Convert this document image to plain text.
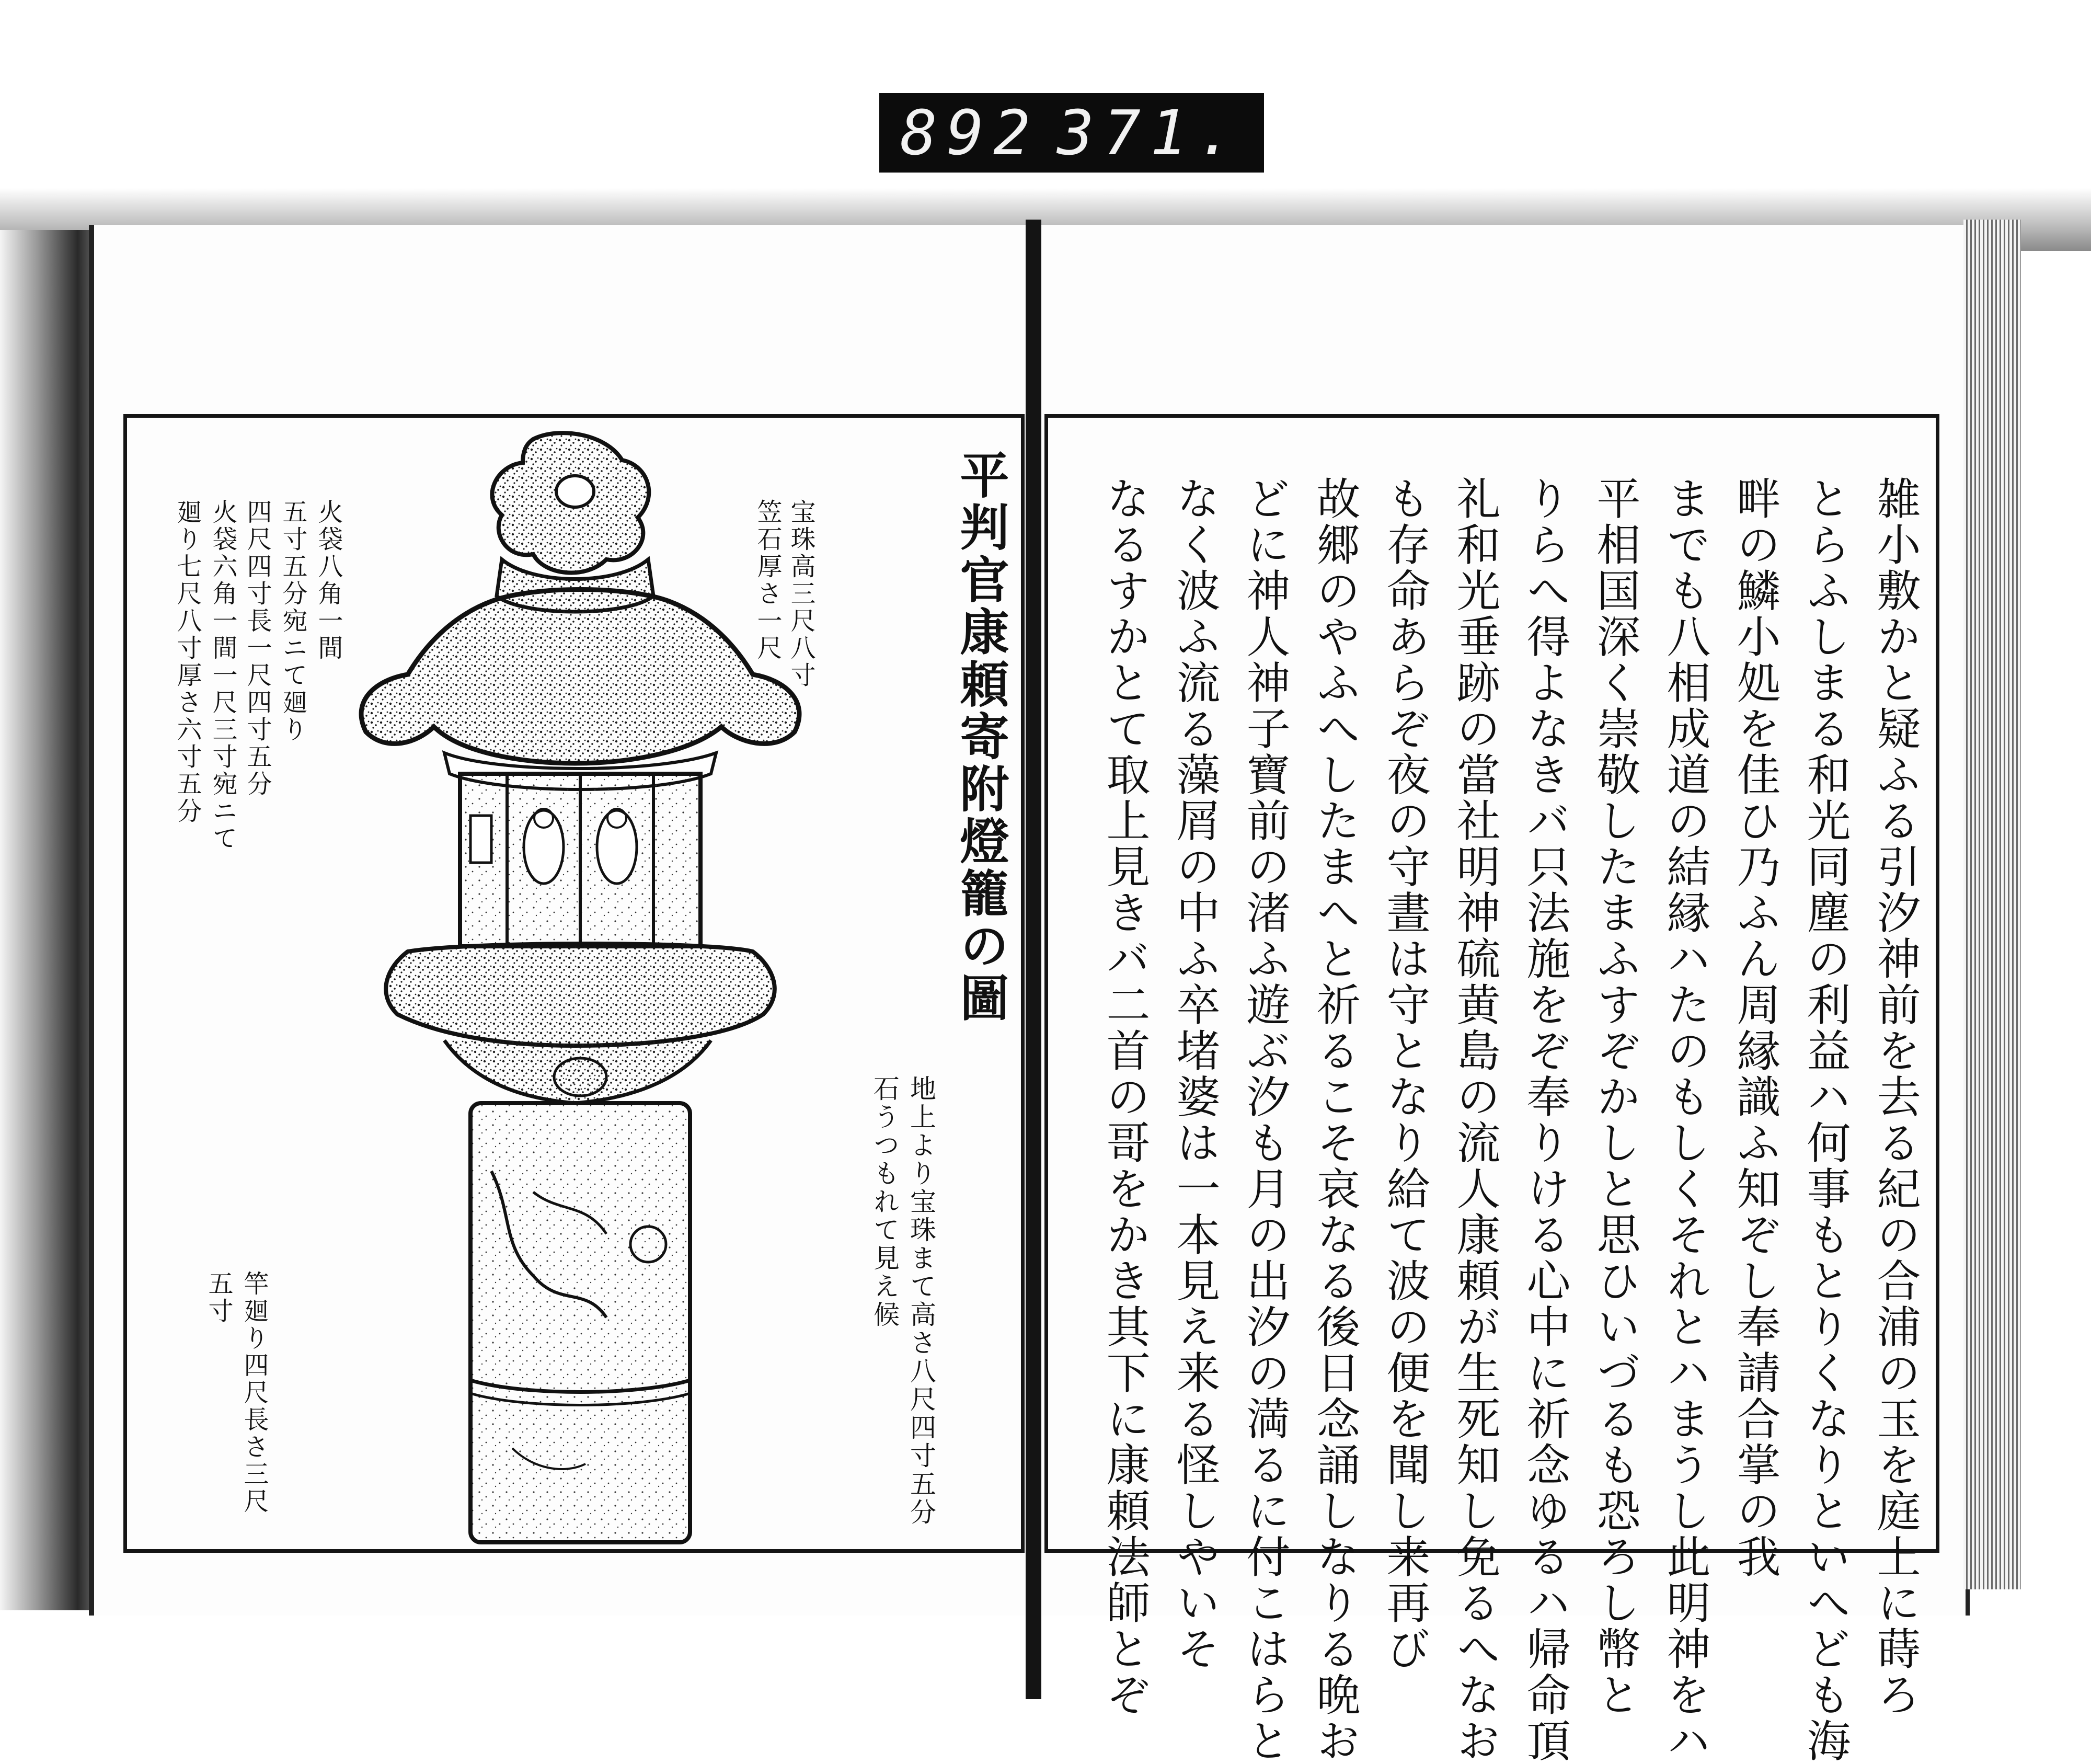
892 371.
平判官康頼寄附燈籠の圖
宝珠高三尺八寸
笠石厚さ一尺
火袋八角一間
五寸五分宛ニて廻り
四尺四寸長一尺四寸五分
火袋六角一間一尺三寸宛ニて
廻り七尺八寸厚さ六寸五分
地上より宝珠まて高さ八尺四寸五分
石うつもれて見え候
竿廻り四尺長さ三尺
五寸	雑小敷かと疑ふる引汐神前を去る紀の合浦の玉を庭上に蒔ろ
とらふしまる和光同塵の利益ハ何事もとりくなりといへども海
畔の鱗小処を佳ひ乃ふん周縁識ふ知ぞし奉請合掌の我
までも八相成道の結縁ハたのもしくそれとハまうし此明神をハ
平相国深く崇敬したまふすぞかしと思ひいづるも恐ろし幣と
りらへ得よなきバ只法施をぞ奉りける心中に祈念ゆるハ帰命頂
礼和光垂跡の當社明神硫黄島の流人康頼が生死知し免るへなお
も存命あらぞ夜の守晝は守となり給て波の便を聞し来再び
故郷のやふへしたまへと祈るこそ哀なる後日念誦しなりる晩お
どに神人神子寶前の渚ふ遊ぶ汐も月の出汐の満るに付こはらと
なく波ふ流る藻屑の中ふ卒堵婆は一本見え来る怪しやいそ
なるすかとて取上見きバ二首の哥をかき其下に康頼法師とぞ
